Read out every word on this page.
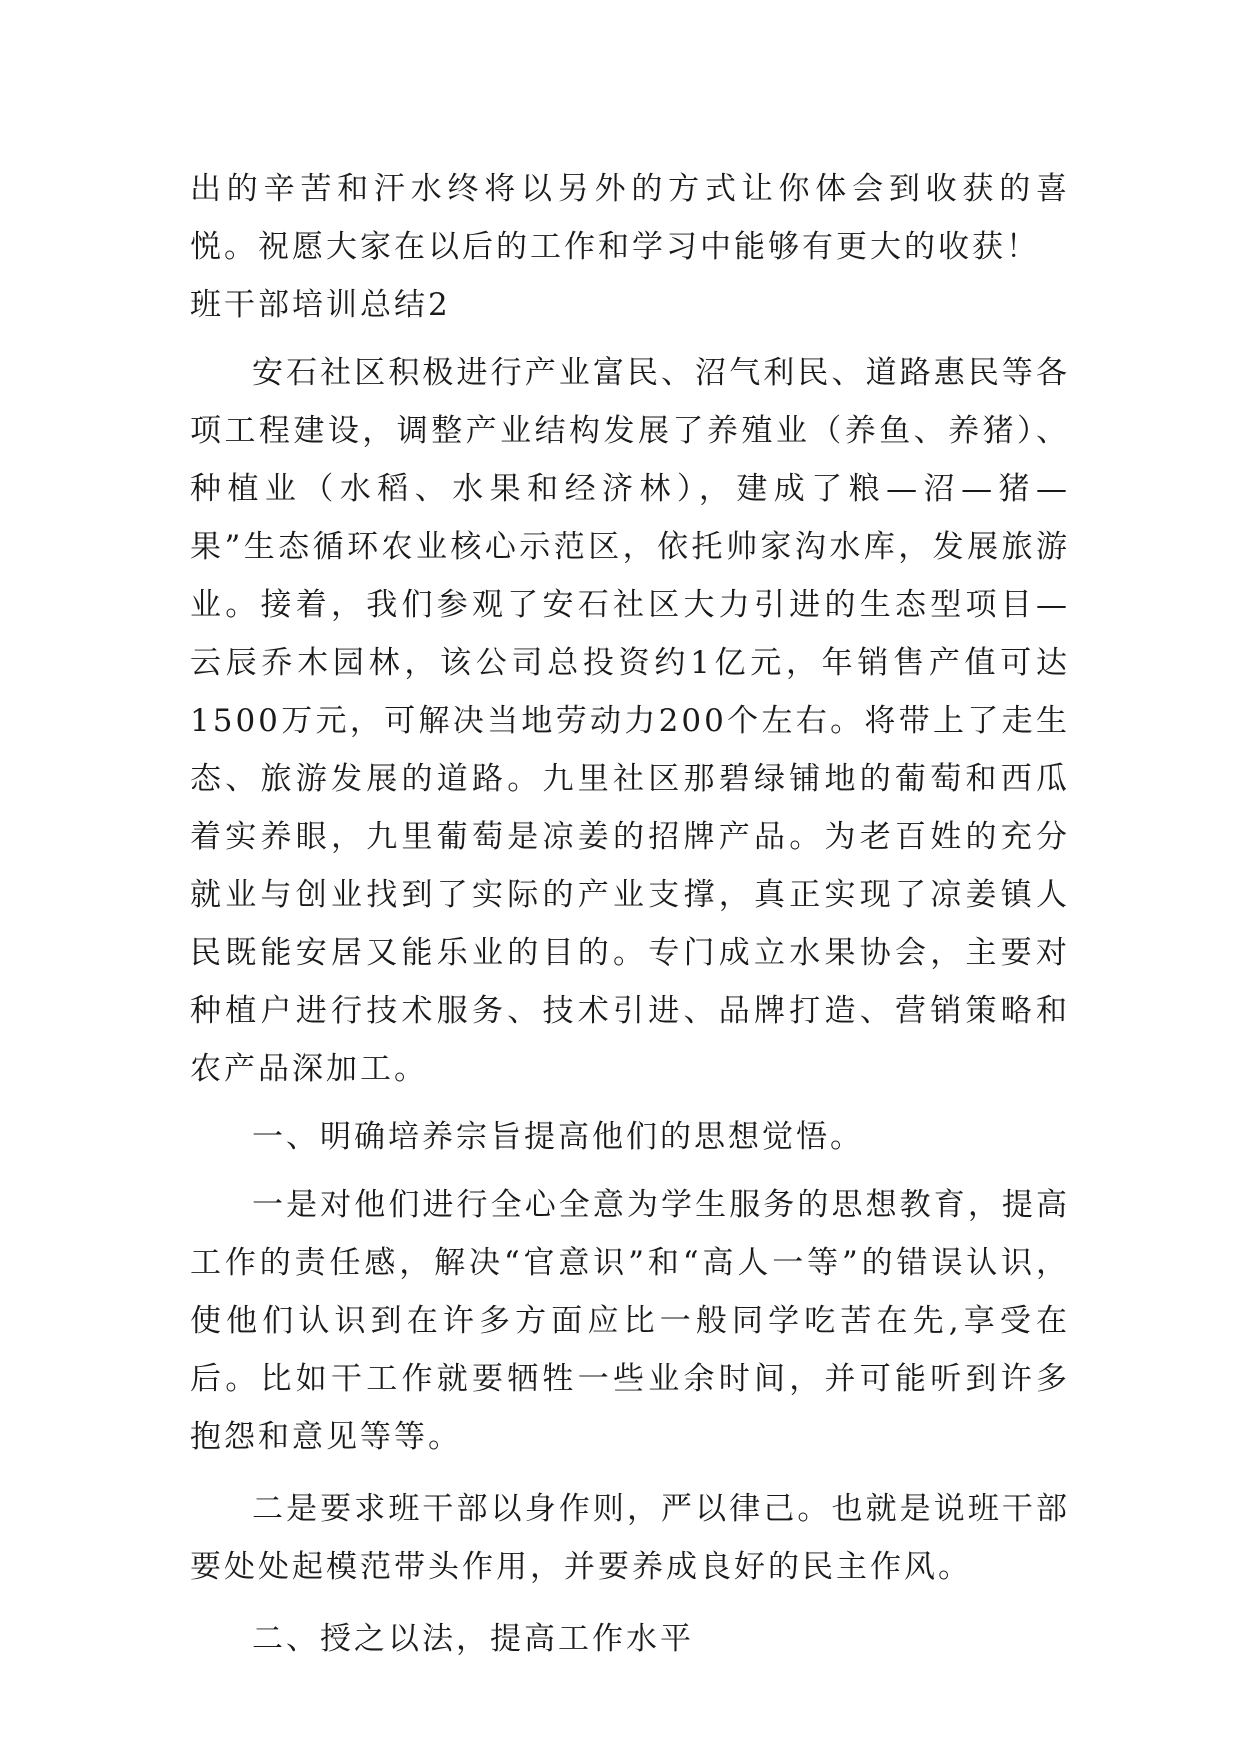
出的辛苦和汗水终将以另外的方式让你体会到收获的喜悦。祝愿大家在以后的工作和学习中能够有更大的收获！

班干部培训总结2

安石社区积极进行产业富民、沼气利民、道路惠民等各项工程建设，调整产业结构发展了养殖业（养鱼、养猪）、种植业（水稻、水果和经济林），建成了粮—沼—猪—果”生态循环农业核心示范区，依托帅家沟水库，发展旅游业。接着，我们参观了安石社区大力引进的生态型项目—云辰乔木园林，该公司总投资约1亿元，年销售产值可达1500万元，可解决当地劳动力200个左右。将带上了走生态、旅游发展的道路。九里社区那碧绿铺地的葡萄和西瓜着实养眼，九里葡萄是凉姜的招牌产品。为老百姓的充分就业与创业找到了实际的产业支撑，真正实现了凉姜镇人民既能安居又能乐业的目的。专门成立水果协会，主要对种植户进行技术服务、技术引进、品牌打造、营销策略和农产品深加工。

一、明确培养宗旨提高他们的思想觉悟。

一是对他们进行全心全意为学生服务的思想教育，提高工作的责任感，解决“官意识”和“高人一等”的错误认识，使他们认识到在许多方面应比一般同学吃苦在先,享受在后。比如干工作就要牺牲一些业余时间，并可能听到许多抱怨和意见等等。

二是要求班干部以身作则，严以律己。也就是说班干部要处处起模范带头作用，并要养成良好的民主作风。

二、授之以法，提高工作水平
